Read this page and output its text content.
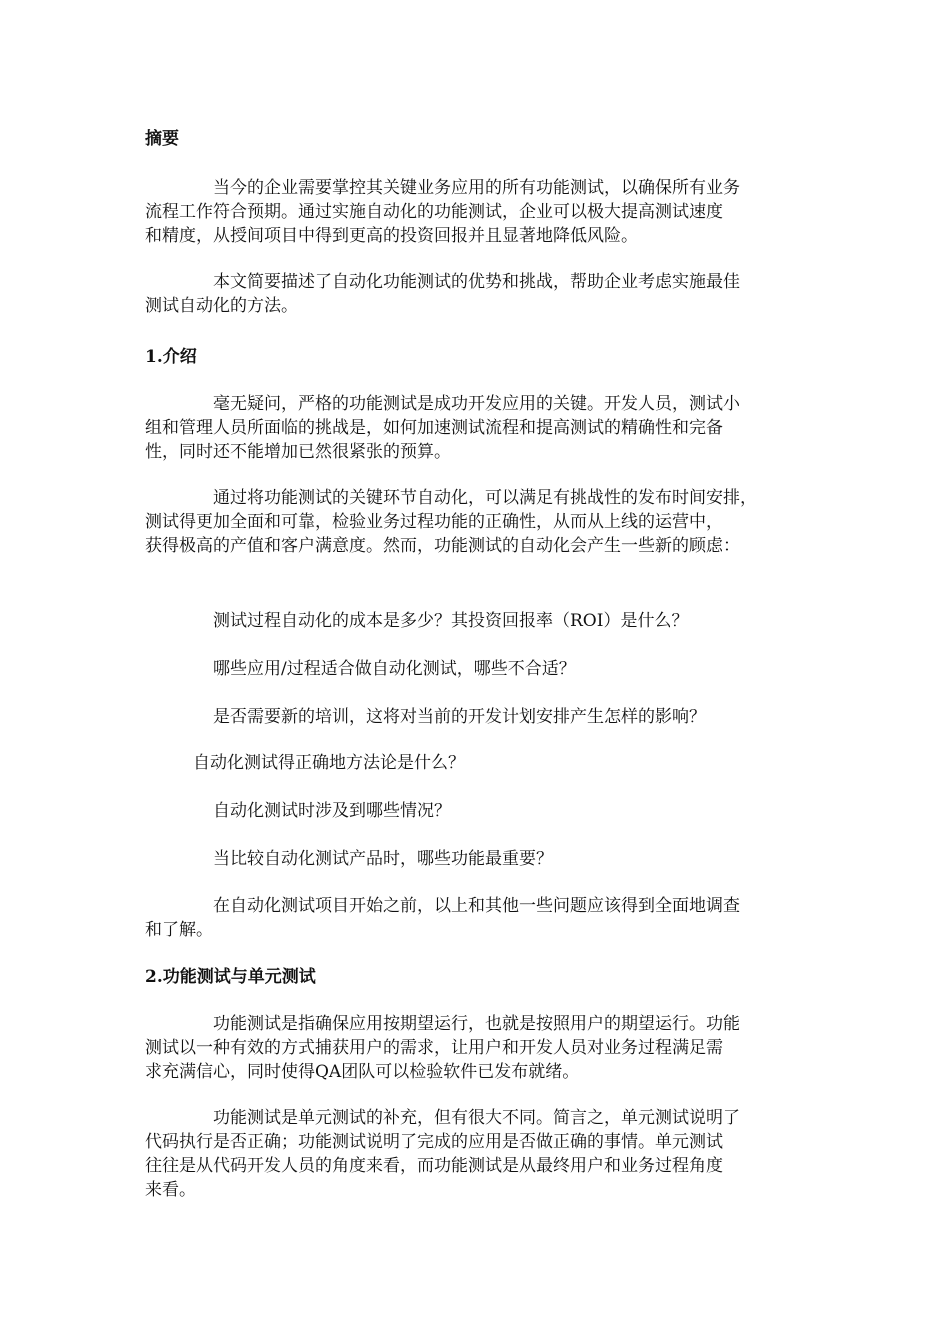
摘要
当今的企业需要掌控其关键业务应用的所有功能测试，以确保所有业务
流程工作符合预期。通过实施自动化的功能测试，企业可以极大提高测试速度
和精度，从授间项目中得到更高的投资回报并且显著地降低风险。
本文简要描述了自动化功能测试的优势和挑战，帮助企业考虑实施最佳
测试自动化的方法。
1.介绍
毫无疑问，严格的功能测试是成功开发应用的关键。开发人员，测试小
组和管理人员所面临的挑战是，如何加速测试流程和提高测试的精确性和完备
性，同时还不能增加已然很紧张的预算。
通过将功能测试的关键环节自动化，可以满足有挑战性的发布时间安排，
测试得更加全面和可靠，检验业务过程功能的正确性，从而从上线的运营中，
获得极高的产值和客户满意度。然而，功能测试的自动化会产生一些新的顾虑：
测试过程自动化的成本是多少？其投资回报率（ROI）是什么？
哪些应用/过程适合做自动化测试，哪些不合适？
是否需要新的培训，这将对当前的开发计划安排产生怎样的影响？
自动化测试得正确地方法论是什么？
自动化测试时涉及到哪些情况？
当比较自动化测试产品时，哪些功能最重要？
在自动化测试项目开始之前，以上和其他一些问题应该得到全面地调查
和了解。
2.功能测试与单元测试
功能测试是指确保应用按期望运行，也就是按照用户的期望运行。功能
测试以一种有效的方式捕获用户的需求，让用户和开发人员对业务过程满足需
求充满信心，同时使得QA团队可以检验软件已发布就绪。
功能测试是单元测试的补充，但有很大不同。简言之，单元测试说明了
代码执行是否正确；功能测试说明了完成的应用是否做正确的事情。单元测试
往往是从代码开发人员的角度来看，而功能测试是从最终用户和业务过程角度
来看。
